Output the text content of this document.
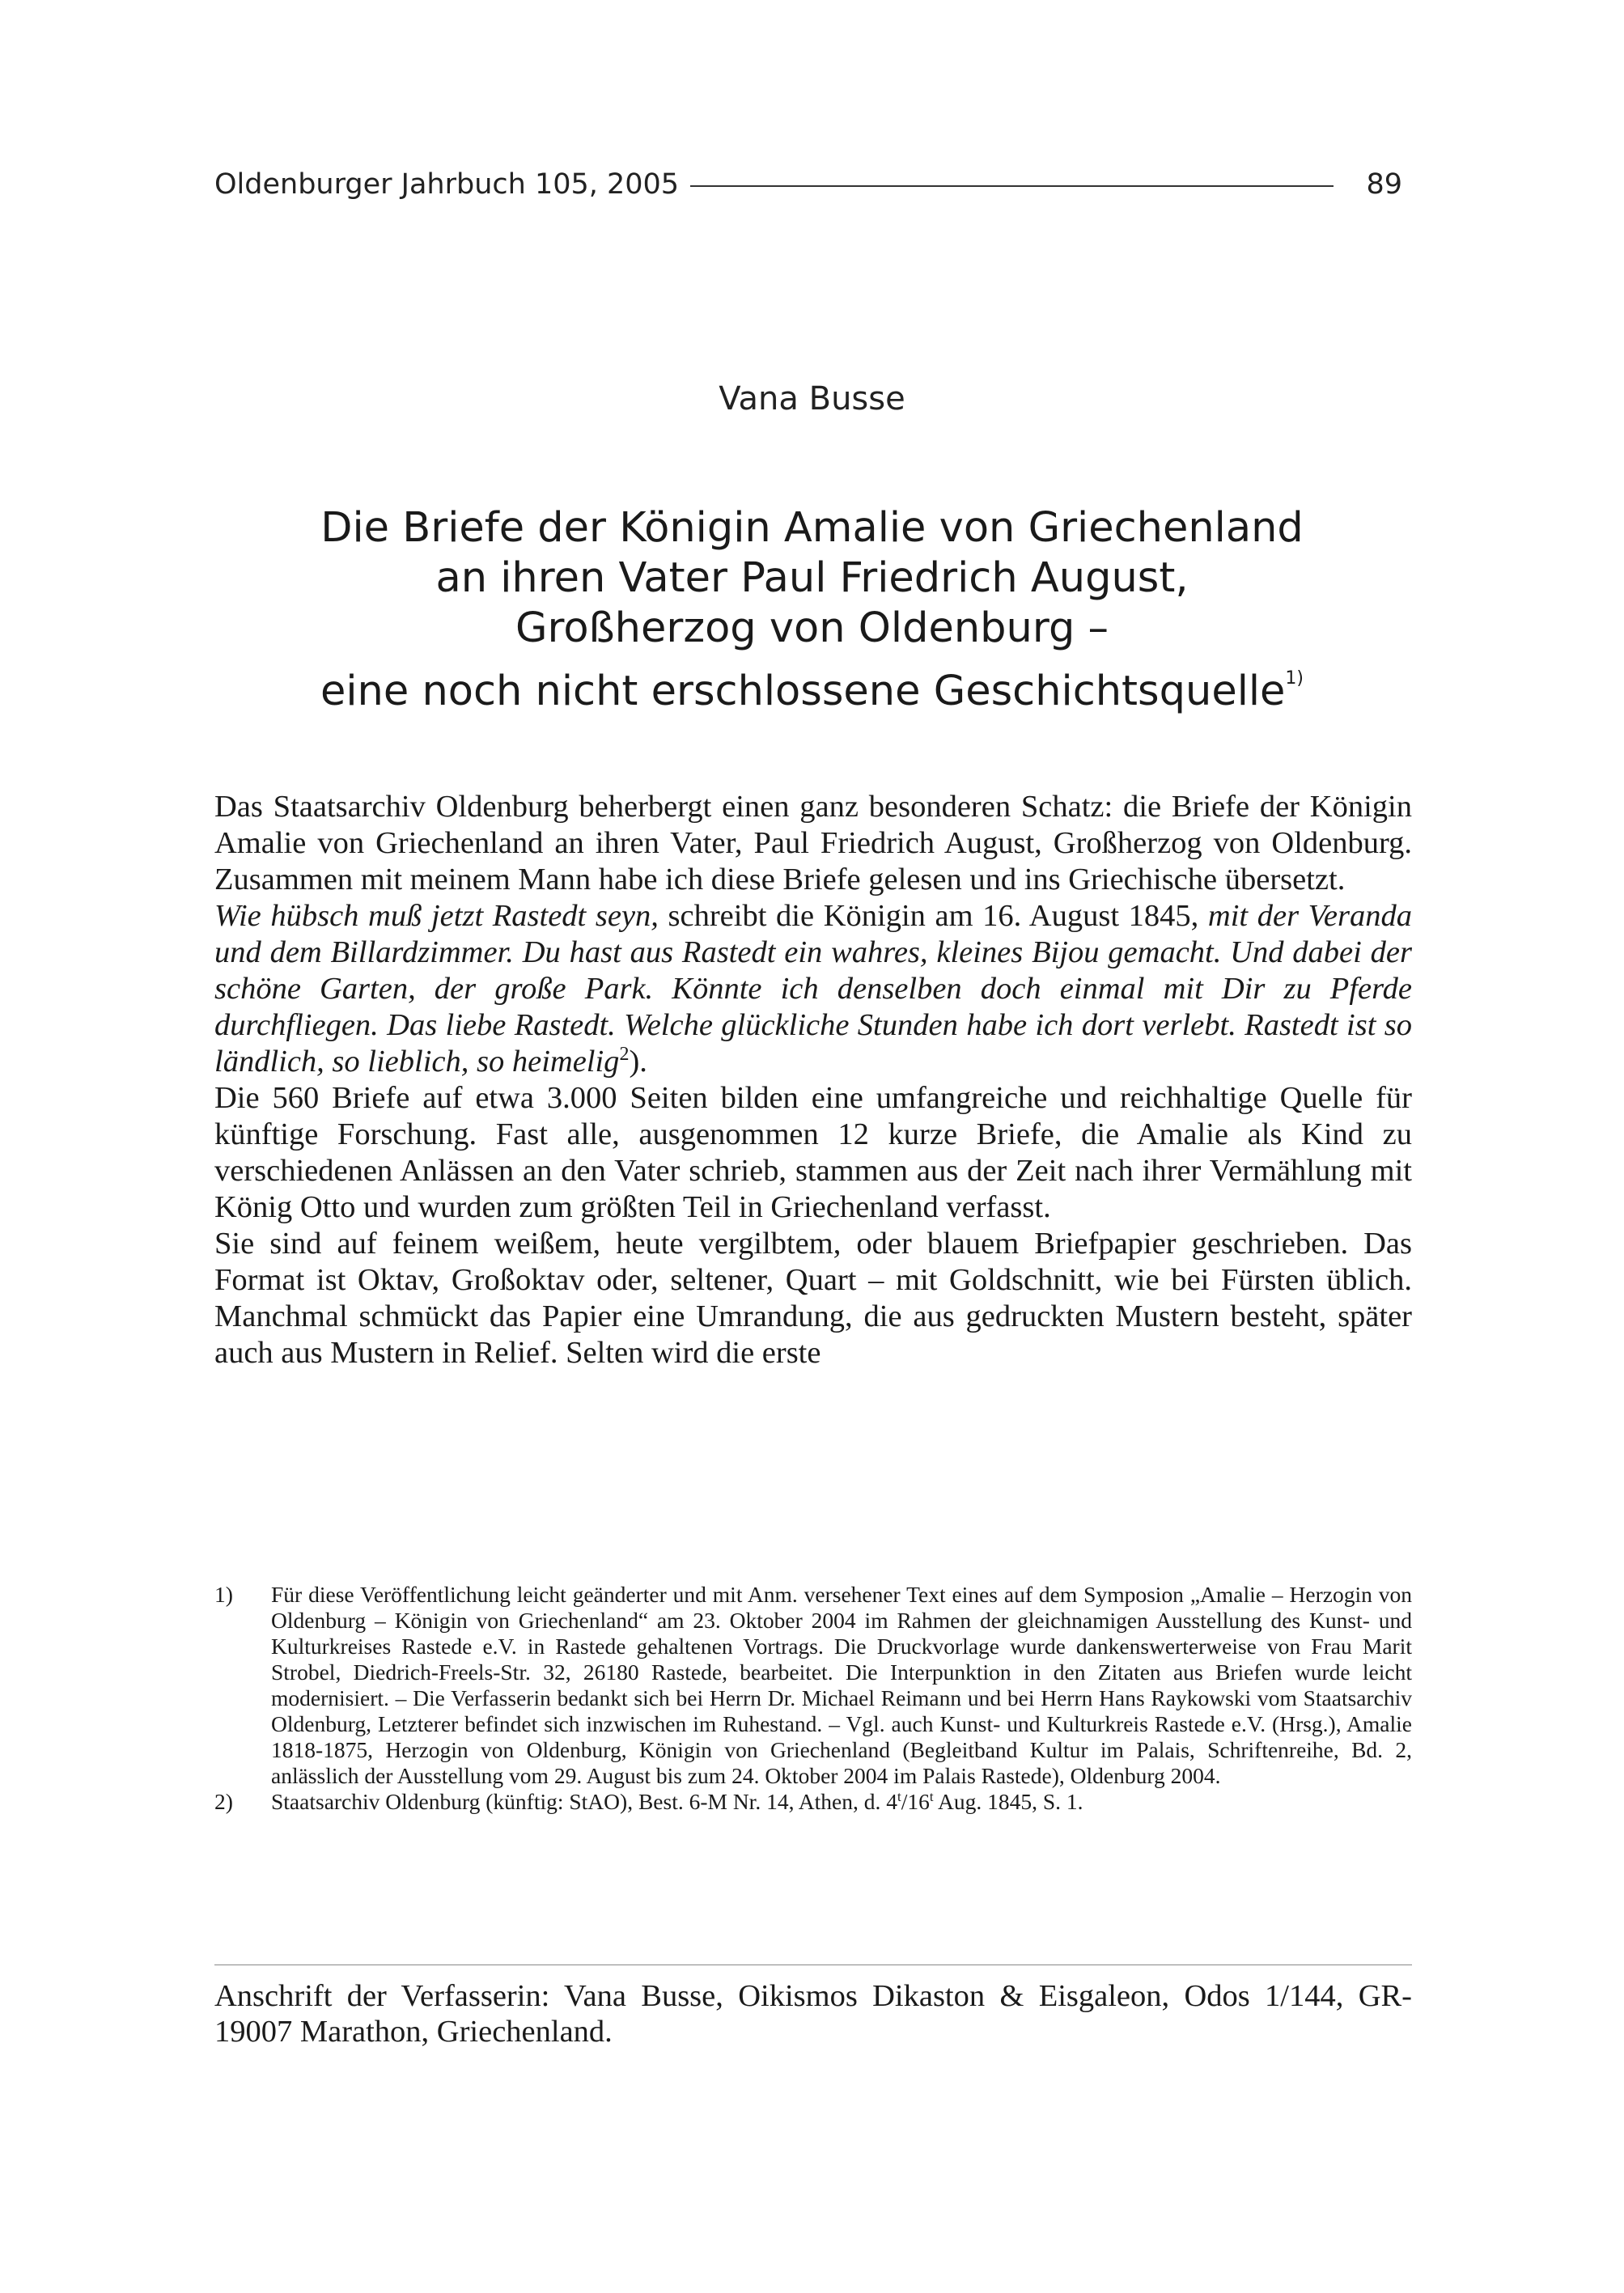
Oldenburger Jahrbuch 105, 2005	89
Vana Busse
Die Briefe der Königin Amalie von Griechenland
an ihren Vater Paul Friedrich August,
Großherzog von Oldenburg –
eine noch nicht erschlossene Geschichtsquelle$^{1)}$

Das Staatsarchiv Oldenburg beherbergt einen ganz besonderen Schatz: die Briefe der Königin Amalie von Griechenland an ihren Vater, Paul Friedrich August, Großherzog von Oldenburg. Zusammen mit meinem Mann habe ich diese Briefe gelesen und ins Griechische übersetzt.

Wie hübsch muß jetzt Rastedt seyn, schreibt die Königin am 16. August 1845, mit der Veranda und dem Billardzimmer. Du hast aus Rastedt ein wahres, kleines Bijou gemacht. Und dabei der schöne Garten, der große Park. Könnte ich denselben doch einmal mit Dir zu Pferde durchfliegen. Das liebe Rastedt. Welche glückliche Stunden habe ich dort verlebt. Rastedt ist so ländlich, so lieblich, so heimelig$^2$).

Die 560 Briefe auf etwa 3.000 Seiten bilden eine umfangreiche und reichhaltige Quelle für künftige Forschung. Fast alle, ausgenommen 12 kurze Briefe, die Amalie als Kind zu verschiedenen Anlässen an den Vater schrieb, stammen aus der Zeit nach ihrer Vermählung mit König Otto und wurden zum größten Teil in Griechenland verfasst.

Sie sind auf feinem weißem, heute vergilbtem, oder blauem Briefpapier geschrieben. Das Format ist Oktav, Großoktav oder, seltener, Quart – mit Goldschnitt, wie bei Fürsten üblich. Manchmal schmückt das Papier eine Umrandung, die aus gedruckten Mustern besteht, später auch aus Mustern in Relief. Selten wird die erste

1)	Für diese Veröffentlichung leicht geänderter und mit Anm. versehener Text eines auf dem Symposion „Amalie – Herzogin von Oldenburg – Königin von Griechenland“ am 23. Oktober 2004 im Rahmen der gleichnamigen Ausstellung des Kunst- und Kulturkreises Rastede e.V. in Rastede gehaltenen Vortrags. Die Druckvorlage wurde dankenswerterweise von Frau Marit Strobel, Diedrich-Freels-Str. 32, 26180 Rastede, bearbeitet. Die Interpunktion in den Zitaten aus Briefen wurde leicht modernisiert. – Die Verfasserin bedankt sich bei Herrn Dr. Michael Reimann und bei Herrn Hans Raykowski vom Staatsarchiv Oldenburg, Letzterer befindet sich inzwischen im Ruhestand. – Vgl. auch Kunst- und Kulturkreis Rastede e.V. (Hrsg.), Amalie 1818-1875, Herzogin von Oldenburg, Königin von Griechenland (Begleitband Kultur im Palais, Schriftenreihe, Bd. 2, anlässlich der Ausstellung vom 29. August bis zum 24. Oktober 2004 im Palais Rastede), Oldenburg 2004.
2)	Staatsarchiv Oldenburg (künftig: StAO), Best. 6-M Nr. 14, Athen, d. 4$^t$/16$^t$ Aug. 1845, S. 1.
Anschrift der Verfasserin: Vana Busse, Oikismos Dikaston & Eisgaleon, Odos 1/144, GR-19007 Marathon, Griechenland.
